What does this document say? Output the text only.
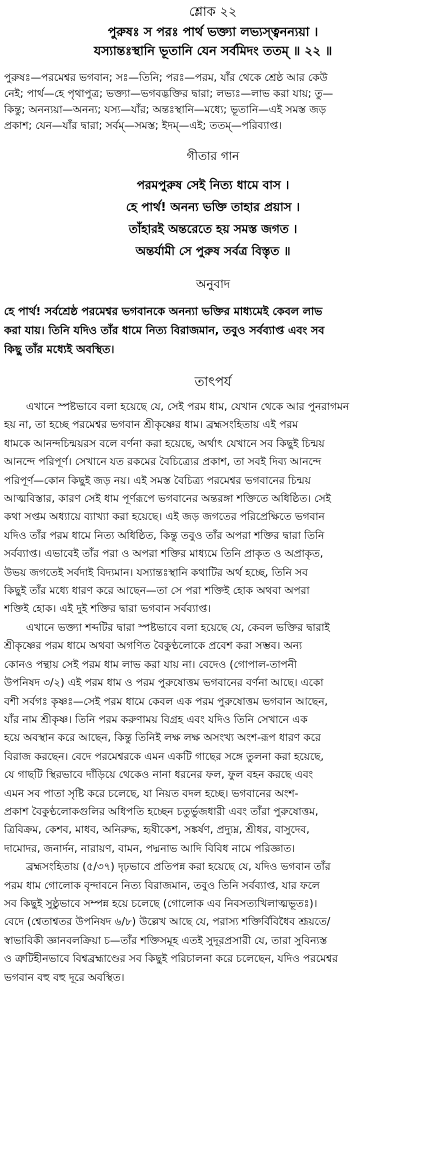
শ্লোক ২২
পুরুষঃ স পরঃ পার্থ ভক্ত্যা লভ্যস্ত্বনন্যয়া ।
যস্যান্তঃস্থানি ভূতানি যেন সর্বমিদং ততম্ ॥ ২২ ॥
পুরুষঃ—পরমেশ্বর ভগবান; সঃ—তিনি; পরঃ—পরম, যাঁর থেকে শ্রেষ্ঠ আর কেউ
নেই; পার্থ—হে পৃথাপুত্র; ভক্ত্যা—ভগবদ্ভক্তির দ্বারা; লভ্যঃ—লাভ করা যায়; তু—
কিন্তু; অনন্যয়া—অনন্য; যস্য—যাঁর; অন্তঃস্থানি—মধ্যে; ভূতানি—এই সমস্ত জড়
প্রকাশ; যেন—যাঁর দ্বারা; সর্বম্—সমস্ত; ইদম্—এই; ততম্—পরিব্যাপ্ত।
গীতার গান
পরমপুরুষ সেই নিত্য ধামে বাস ।
হে পার্থ! অনন্য ভক্তি তাহার প্রয়াস ।
তাঁহারই অন্তরেতে হয় সমস্ত জগত ।
অন্তর্যামী সে পুরুষ সর্বত্র বিস্তৃত ॥
অনুবাদ
হে পার্থ! সর্বশ্রেষ্ঠ পরমেশ্বর ভগবানকে অনন্যা ভক্তির মাধ্যমেই কেবল লাভ
করা যায়। তিনি যদিও তাঁর ধামে নিত্য বিরাজমান, তবুও সর্বব্যাপ্ত এবং সব
কিছু তাঁর মধ্যেই অবস্থিত।
তাৎপর্য
এখানে স্পষ্টভাবে বলা হয়েছে যে, সেই পরম ধাম, যেখান থেকে আর পুনরাগমন
হয় না, তা হচ্ছে পরমেশ্বর ভগবান শ্রীকৃষ্ণের ধাম। ব্রহ্মসংহিতায় এই পরম
ধামকে আনন্দচিন্ময়রস বলে বর্ণনা করা হয়েছে, অর্থাৎ যেখানে সব কিছুই চিন্ময়
আনন্দে পরিপূর্ণ। সেখানে যত রকমের বৈচিত্র্যের প্রকাশ, তা সবই দিব্য আনন্দে
পরিপূর্ণ—কোন কিছুই জড় নয়। এই সমস্ত বৈচিত্র্য পরমেশ্বর ভগবানের চিন্ময়
আত্মবিস্তার, কারণ সেই ধাম পূর্ণরূপে ভগবানের অন্তরঙ্গা শক্তিতে অধিষ্ঠিত। সেই
কথা সপ্তম অধ্যায়ে ব্যাখ্যা করা হয়েছে। এই জড় জগতের পরিপ্রেক্ষিতে ভগবান
যদিও তাঁর পরম ধামে নিত্য অধিষ্ঠিত, কিন্তু তবুও তাঁর অপরা শক্তির দ্বারা তিনি
সর্বব্যাপ্ত। এভাবেই তাঁর পরা ও অপরা শক্তির মাধ্যমে তিনি প্রাকৃত ও অপ্রাকৃত,
উভয় জগতেই সর্বদাই বিদ্যমান। যস্যান্তঃস্থানি কথাটির অর্থ হচ্ছে, তিনি সব
কিছুই তাঁর মধ্যে ধারণ করে আছেন—তা সে পরা শক্তিই হোক অথবা অপরা
শক্তিই হোক। এই দুই শক্তির দ্বারা ভগবান সর্বব্যাপ্ত।
এখানে ভক্ত্যা শব্দটির দ্বারা স্পষ্টভাবে বলা হয়েছে যে, কেবল ভক্তির দ্বারাই
শ্রীকৃষ্ণের পরম ধামে অথবা অগণিত বৈকুণ্ঠলোকে প্রবেশ করা সম্ভব। অন্য
কোনও পন্থায় সেই পরম ধাম লাভ করা যায় না। বেদেও (গোপাল-তাপনী
উপনিষদ ৩/২) এই পরম ধাম ও পরম পুরুষোত্তম ভগবানের বর্ণনা আছে। একো
বশী সর্বগঃ কৃষ্ণঃ—সেই পরম ধামে কেবল এক পরম পুরুষোত্তম ভগবান আছেন,
যাঁর নাম শ্রীকৃষ্ণ। তিনি পরম করুণাময় বিগ্রহ এবং যদিও তিনি সেখানে এক
হয়ে অবস্থান করে আছেন, কিন্তু তিনিই লক্ষ লক্ষ অসংখ্য অংশ-রূপ ধারণ করে
বিরাজ করছেন। বেদে পরমেশ্বরকে এমন একটি গাছের সঙ্গে তুলনা করা হয়েছে,
যে গাছটি স্থিরভাবে দাঁড়িয়ে থেকেও নানা ধরনের ফল, ফুল বহন করছে এবং
এমন সব পাতা সৃষ্টি করে চলেছে, যা নিয়ত বদল হচ্ছে। ভগবানের অংশ-
প্রকাশ বৈকুণ্ঠলোকগুলির অধিপতি হচ্ছেন চতুর্ভুজধারী এবং তাঁরা পুরুষোত্তম,
ত্রিবিক্রম, কেশব, মাধব, অনিরুদ্ধ, হৃষীকেশ, সঙ্কর্ষণ, প্রদ্যুম্ন, শ্রীধর, বাসুদেব,
দামোদর, জনার্দন, নারায়ণ, বামন, পদ্মনাভ আদি বিবিধ নামে পরিজ্ঞাত।
ব্রহ্মসংহিতায় (৫/৩৭) দৃঢ়ভাবে প্রতিপন্ন করা হয়েছে যে, যদিও ভগবান তাঁর
পরম ধাম গোলোক বৃন্দাবনে নিত্য বিরাজমান, তবুও তিনি সর্বব্যাপ্ত, যার ফলে
সব কিছুই সুষ্ঠুভাবে সম্পন্ন হয়ে চলেছে (গোলোক এব নিবসত্যখিলাত্মভূতঃ)।
বেদে (শ্বেতাশ্বতর উপনিষদ ৬/৮) উল্লেখ আছে যে, পরাস্য শক্তির্বিবিধৈব শ্রূয়তে/
স্বাভাবিকী জ্ঞানবলক্রিয়া চ—তাঁর শক্তিসমূহ এতই সুদূরপ্রসারী যে, তারা সুবিন্যস্ত
ও ত্রুটিহীনভাবে বিশ্বব্রহ্মাণ্ডের সব কিছুই পরিচালনা করে চলেছেন, যদিও পরমেশ্বর
ভগবান বহু বহু দূরে অবস্থিত।
